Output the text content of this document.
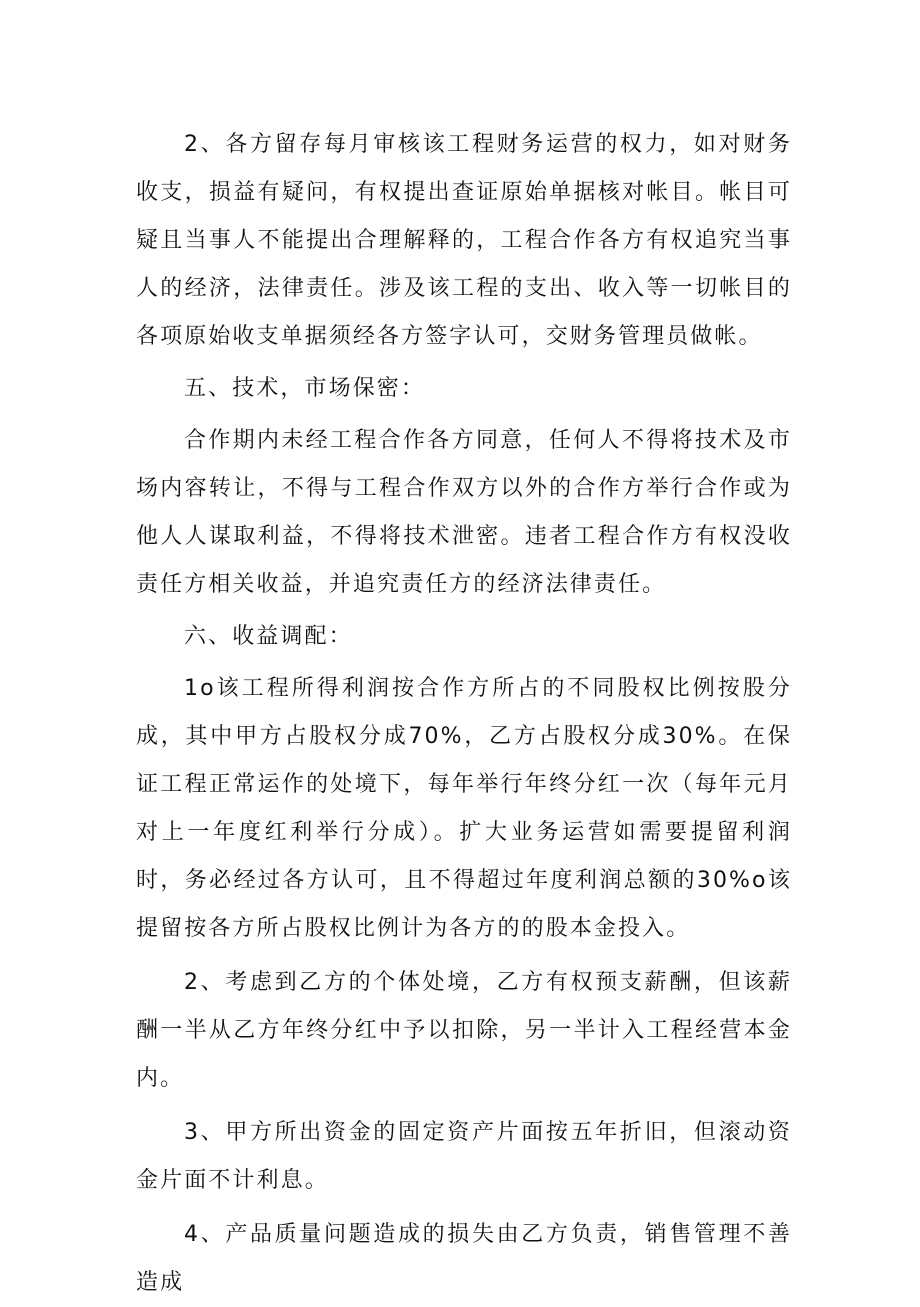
2、各方留存每月审核该工程财务运营的权力，如对财务收支，损益有疑问，有权提出查证原始单据核对帐目。帐目可疑且当事人不能提出合理解释的，工程合作各方有权追究当事人的经济，法律责任。涉及该工程的支出、收入等一切帐目的各项原始收支单据须经各方签字认可，交财务管理员做帐。

五、技术，市场保密：

合作期内未经工程合作各方同意，任何人不得将技术及市场内容转让，不得与工程合作双方以外的合作方举行合作或为他人人谋取利益，不得将技术泄密。违者工程合作方有权没收责任方相关收益，并追究责任方的经济法律责任。

六、收益调配：

1o该工程所得利润按合作方所占的不同股权比例按股分成，其中甲方占股权分成70%，乙方占股权分成30%。在保证工程正常运作的处境下，每年举行年终分红一次（每年元月对上一年度红利举行分成）。扩大业务运营如需要提留利润时，务必经过各方认可，且不得超过年度利润总额的30%o该提留按各方所占股权比例计为各方的的股本金投入。

2、考虑到乙方的个体处境，乙方有权预支薪酬，但该薪酬一半从乙方年终分红中予以扣除，另一半计入工程经营本金内。

3、甲方所出资金的固定资产片面按五年折旧，但滚动资金片面不计利息。

4、产品质量问题造成的损失由乙方负责，销售管理不善造成
